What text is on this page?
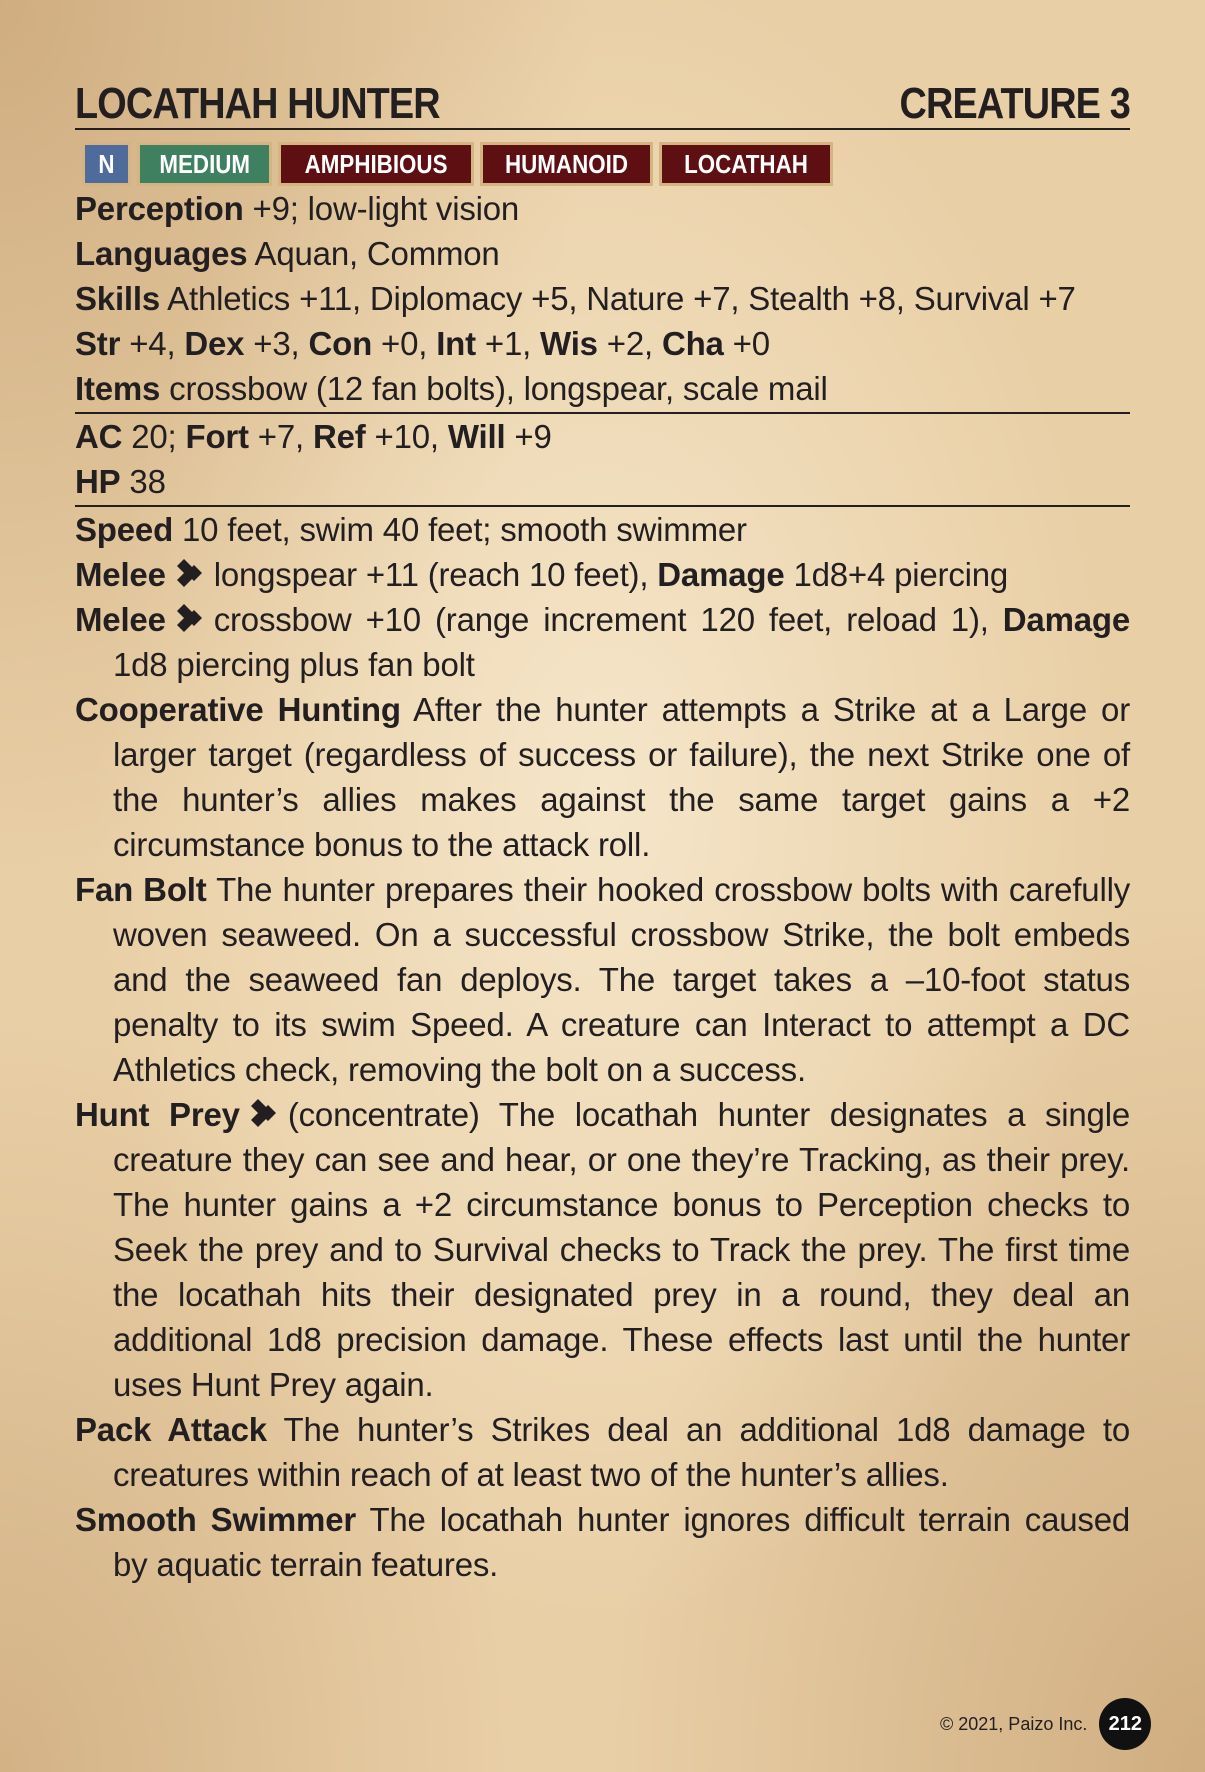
LOCATHAH HUNTER	CREATURE 3
N MEDIUM AMPHIBIOUS HUMANOID LOCATHAH
Perception +9; low-light vision
Languages Aquan, Common
Skills Athletics +11, Diplomacy +5, Nature +7, Stealth +8, Survival +7
Str +4, Dex +3, Con +0, Int +1, Wis +2, Cha +0
Items crossbow (12 fan bolts), longspear, scale mail
AC 20; Fort +7, Ref +10, Will +9
HP 38
Speed 10 feet, swim 40 feet; smooth swimmer
Melee longspear +11 (reach 10 feet), Damage 1d8+4 piercing
Melee crossbow +10 (range increment 120 feet, reload 1), Damage 1d8 piercing plus fan bolt
Cooperative Hunting After the hunter attempts a Strike at a Large or larger target (regardless of success or failure), the next Strike one of the hunter’s allies makes against the same target gains a +2 circumstance bonus to the attack roll.
Fan Bolt The hunter prepares their hooked crossbow bolts with carefully woven seaweed. On a successful crossbow Strike, the bolt embeds and the seaweed fan deploys. The target takes a –10-foot status penalty to its swim Speed. A creature can Interact to attempt a DC Athletics check, removing the bolt on a success.
Hunt Prey (concentrate) The locathah hunter designates a single creature they can see and hear, or one they’re Tracking, as their prey. The hunter gains a +2 circumstance bonus to Perception checks to Seek the prey and to Survival checks to Track the prey. The first time the locathah hits their designated prey in a round, they deal an additional 1d8 precision damage. These effects last until the hunter uses Hunt Prey again.
Pack Attack The hunter’s Strikes deal an additional 1d8 damage to creatures within reach of at least two of the hunter’s allies.
Smooth Swimmer The locathah hunter ignores difficult terrain caused by aquatic terrain features.
© 2021, Paizo Inc.	212
